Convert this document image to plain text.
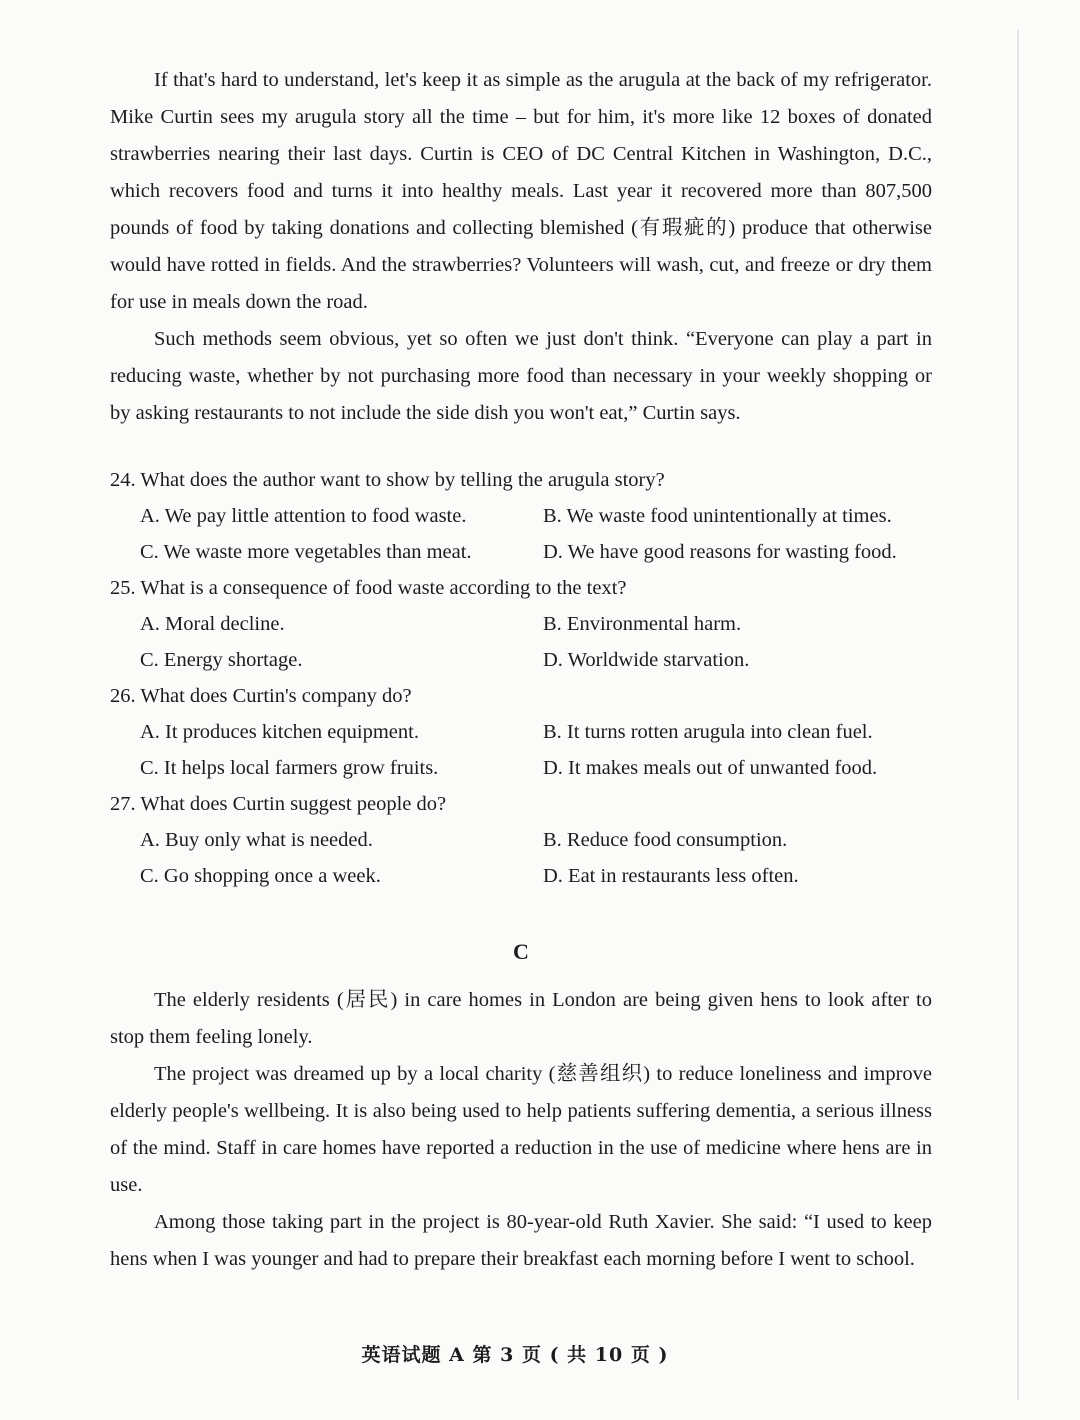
If that's hard to understand, let's keep it as simple as the arugula at the back of my refrigerator. Mike Curtin sees my arugula story all the time – but for him, it's more like 12 boxes of donated strawberries nearing their last days. Curtin is CEO of DC Central Kitchen in Washington, D.C., which recovers food and turns it into healthy meals. Last year it recovered more than 807,500 pounds of food by taking donations and collecting blemished (有瑕疵的) produce that otherwise would have rotted in fields. And the strawberries? Volunteers will wash, cut, and freeze or dry them for use in meals down the road.

Such methods seem obvious, yet so often we just don't think. “Everyone can play a part in reducing waste, whether by not purchasing more food than necessary in your weekly shopping or by asking restaurants to not include the side dish you won't eat,” Curtin says.

24. What does the author want to show by telling the arugula story?

A. We pay little attention to food waste.	B. We waste food unintentionally at times.
C. We waste more vegetables than meat.	D. We have good reasons for wasting food.

25. What is a consequence of food waste according to the text?

A. Moral decline.	B. Environmental harm.
C. Energy shortage.	D. Worldwide starvation.

26. What does Curtin's company do?

A. It produces kitchen equipment.	B. It turns rotten arugula into clean fuel.
C. It helps local farmers grow fruits.	D. It makes meals out of unwanted food.

27. What does Curtin suggest people do?

A. Buy only what is needed.	B. Reduce food consumption.
C. Go shopping once a week.	D. Eat in restaurants less often.
C

The elderly residents (居民) in care homes in London are being given hens to look after to stop them feeling lonely.

The project was dreamed up by a local charity (慈善组织) to reduce loneliness and improve elderly people's wellbeing. It is also being used to help patients suffering dementia, a serious illness of the mind. Staff in care homes have reported a reduction in the use of medicine where hens are in use.

Among those taking part in the project is 80-year-old Ruth Xavier. She said: “I used to keep hens when I was younger and had to prepare their breakfast each morning before I went to school.

英语试题 A 第 3 页 ( 共 10 页 )
